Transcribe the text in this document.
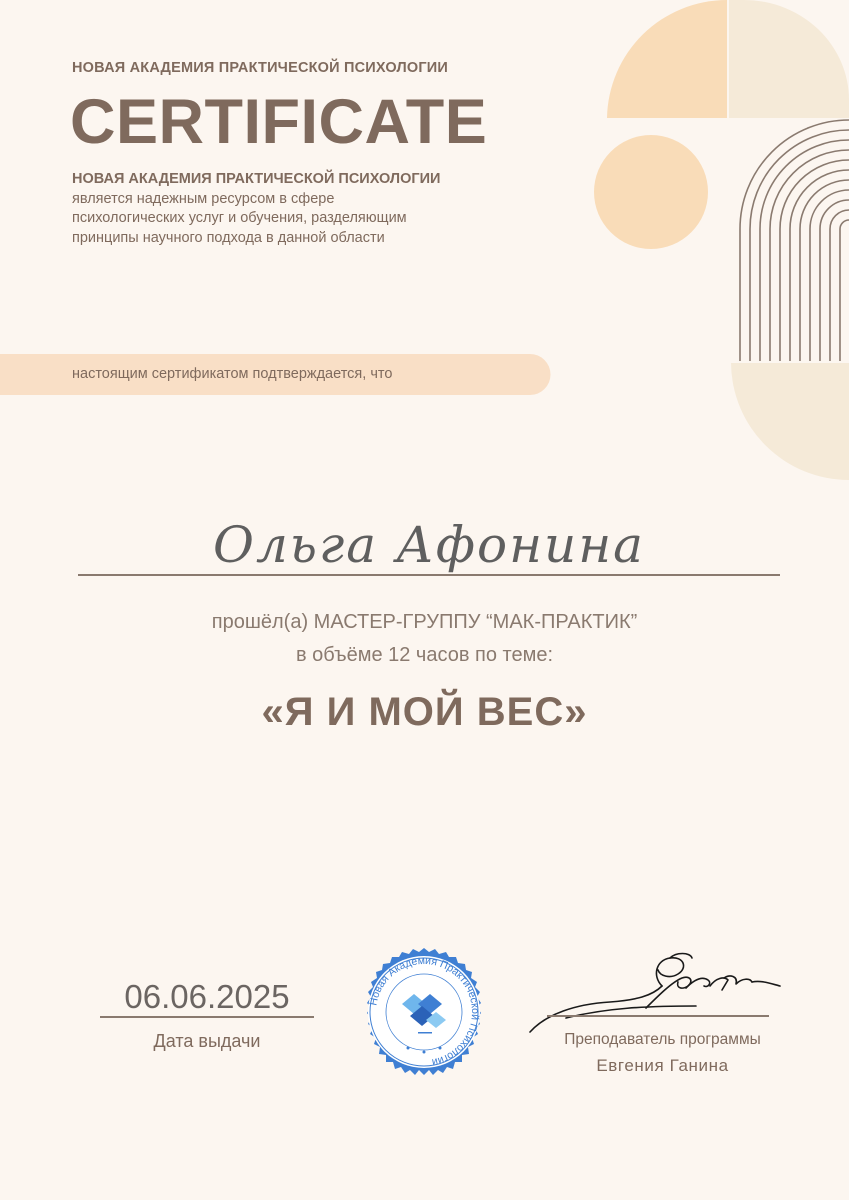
НОВАЯ АКАДЕМИЯ ПРАКТИЧЕСКОЙ ПСИХОЛОГИИ
CERTIFICATE
НОВАЯ АКАДЕМИЯ ПРАКТИЧЕСКОЙ ПСИХОЛОГИИ
является надежным ресурсом в сфере
психологических услуг и обучения, разделяющим
принципы научного подхода в данной области
настоящим сертификатом подтверждается, что
Ольга Афонина
прошёл(а) МАСТЕР-ГРУППУ “МАК-ПРАКТИК”
в объёме 12 часов по теме:
«Я И МОЙ ВЕС»
06.06.2025
Дата выдачи
Новая Академия Практической Психологии
Преподаватель программы
Евгения Ганина
